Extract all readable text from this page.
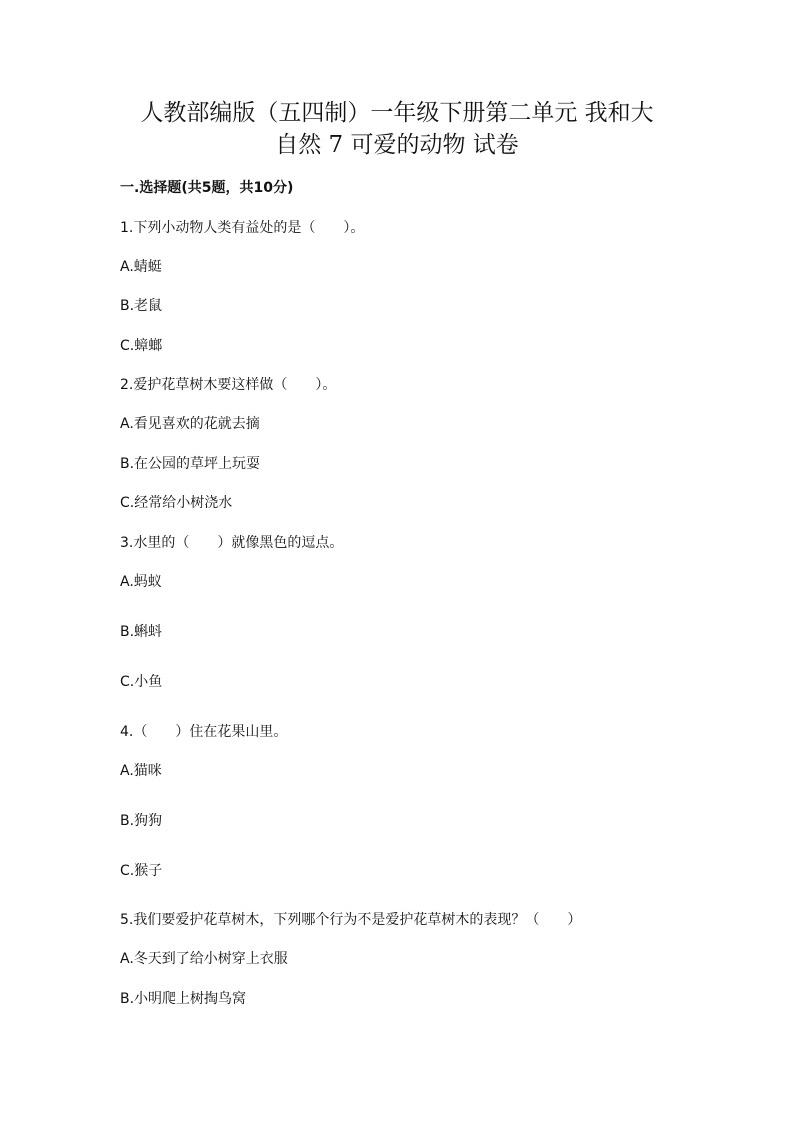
人教部编版（五四制）一年级下册第二单元 我和大
自然 7 可爱的动物 试卷
一.选择题(共5题，共10分)
1.下列小动物人类有益处的是（　　）。
A.蜻蜓
B.老鼠
C.蟑螂
2.爱护花草树木要这样做（　　）。
A.看见喜欢的花就去摘
B.在公园的草坪上玩耍
C.经常给小树浇水
3.水里的（　　）就像黑色的逗点。
A.蚂蚁
B.蝌蚪
C.小鱼
4.（　　）住在花果山里。
A.猫咪
B.狗狗
C.猴子
5.我们要爱护花草树木，下列哪个行为不是爱护花草树木的表现？（　　）
A.冬天到了给小树穿上衣服
B.小明爬上树掏鸟窝
